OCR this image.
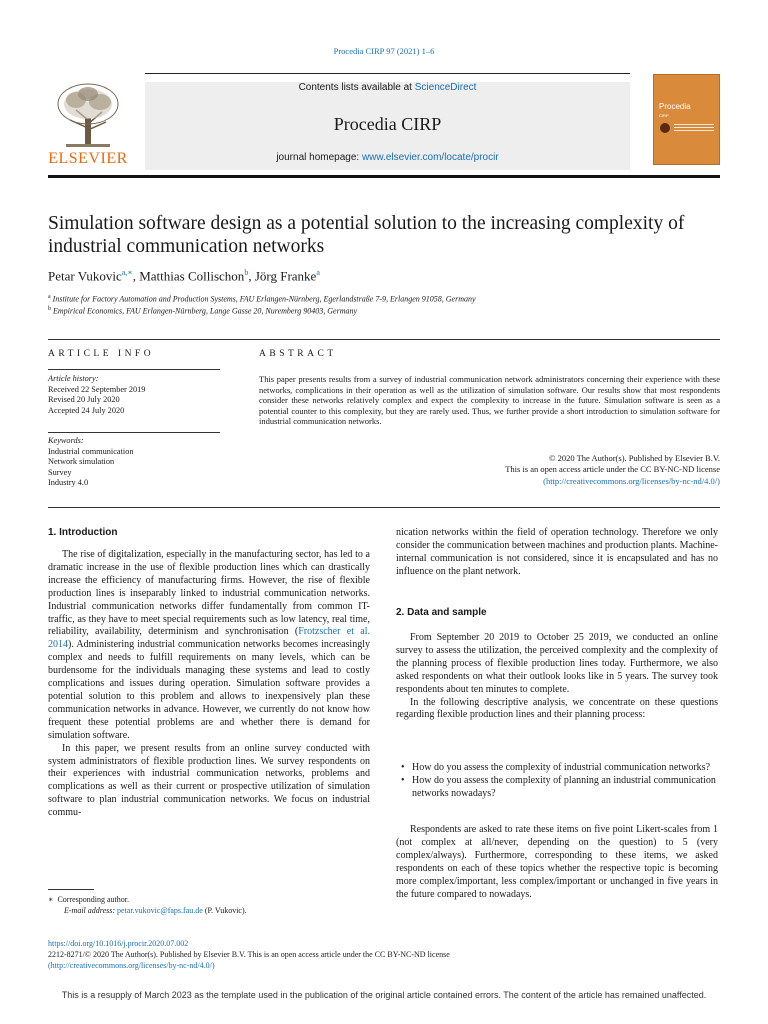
Procedia CIRP 97 (2021) 1–6
ELSEVIER
Contents lists available at ScienceDirect
Procedia CIRP
journal homepage: www.elsevier.com/locate/procir
Procedia
CIRP
Simulation software design as a potential solution to the increasing complexity of industrial communication networks
Petar Vukovic$^{a,∗}$, Matthias Collischon$^b$, Jörg Franke$^a$
$^a$ Institute for Factory Automation and Production Systems, FAU Erlangen-Nürnberg, Egerlandstraße 7-9, Erlangen 91058, Germany
$^b$ Empirical Economics, FAU Erlangen-Nürnberg, Lange Gasse 20, Nuremberg 90403, Germany
ARTICLE INFO	ABSTRACT
Article history:
Received 22 September 2019
Revised 20 July 2020
Accepted 24 July 2020
Keywords:
Industrial communication
Network simulation
Survey
Industry 4.0
This paper presents results from a survey of industrial communication network administrators concerning their experience with these networks, complications in their operation as well as the utilization of simulation software. Our results show that most respondents consider these networks relatively complex and expect the complexity to increase in the future. Simulation software is seen as a potential counter to this complexity, but they are rarely used. Thus, we further provide a short introduction to simulation software for industrial communication networks.
© 2020 The Author(s). Published by Elsevier B.V.
This is an open access article under the CC BY-NC-ND license
(http://creativecommons.org/licenses/by-nc-nd/4.0/)
1. Introduction

The rise of digitalization, especially in the manufacturing sector, has led to a dramatic increase in the use of flexible production lines which can drastically increase the efficiency of manufacturing firms. However, the rise of flexible production lines is inseparably linked to industrial communication networks. Industrial communication networks differ fundamentally from common IT-traffic, as they have to meet special requirements such as low latency, real time, reliability, availability, determinism and synchronisation (Frotzscher et al. 2014). Administering industrial communication networks becomes increasingly complex and needs to fulfill requirements on many levels, which can be burdensome for the individuals managing these systems and lead to costly complications and issues during operation. Simulation software provides a potential solution to this problem and allows to inexpensively plan these communication networks in advance. However, we currently do not know how frequent these potential problems are and whether there is demand for simulation software.

In this paper, we present results from an online survey conducted with system administrators of flexible production lines. We survey respondents on their experiences with industrial communication networks, problems and complications as well as their current or prospective utilization of simulation software to plan industrial communication networks. We focus on industrial commu-

nication networks within the field of operation technology. Therefore we only consider the communication between machines and production plants. Machine-internal communication is not considered, since it is encapsulated and has no influence on the plant network.

2. Data and sample

From September 20 2019 to October 25 2019, we conducted an online survey to assess the utilization, the perceived complexity and the complexity of the planning process of flexible production lines today. Furthermore, we also asked respondents on what their outlook looks like in 5 years. The survey took respondents about ten minutes to complete.

In the following descriptive analysis, we concentrate on these questions regarding flexible production lines and their planning process:

• How do you assess the complexity of industrial communication networks?

• How do you assess the complexity of planning an industrial communication networks nowadays?

Respondents are asked to rate these items on five point Likert-scales from 1 (not complex at all/never, depending on the question) to 5 (very complex/always). Furthermore, corresponding to these items, we asked respondents on each of these topics whether the respective topic is becoming more complex/important, less complex/important or unchanged in five years in the future compared to nowadays.

∗ Corresponding author.
E-mail address: petar.vukovic@faps.fau.de (P. Vukovic).
https://doi.org/10.1016/j.procir.2020.07.002
2212-8271/© 2020 The Author(s). Published by Elsevier B.V. This is an open access article under the CC BY-NC-ND license
(http://creativecommons.org/licenses/by-nc-nd/4.0/)
This is a resupply of March 2023 as the template used in the publication of the original article contained errors. The content of the article has remained unaffected.
